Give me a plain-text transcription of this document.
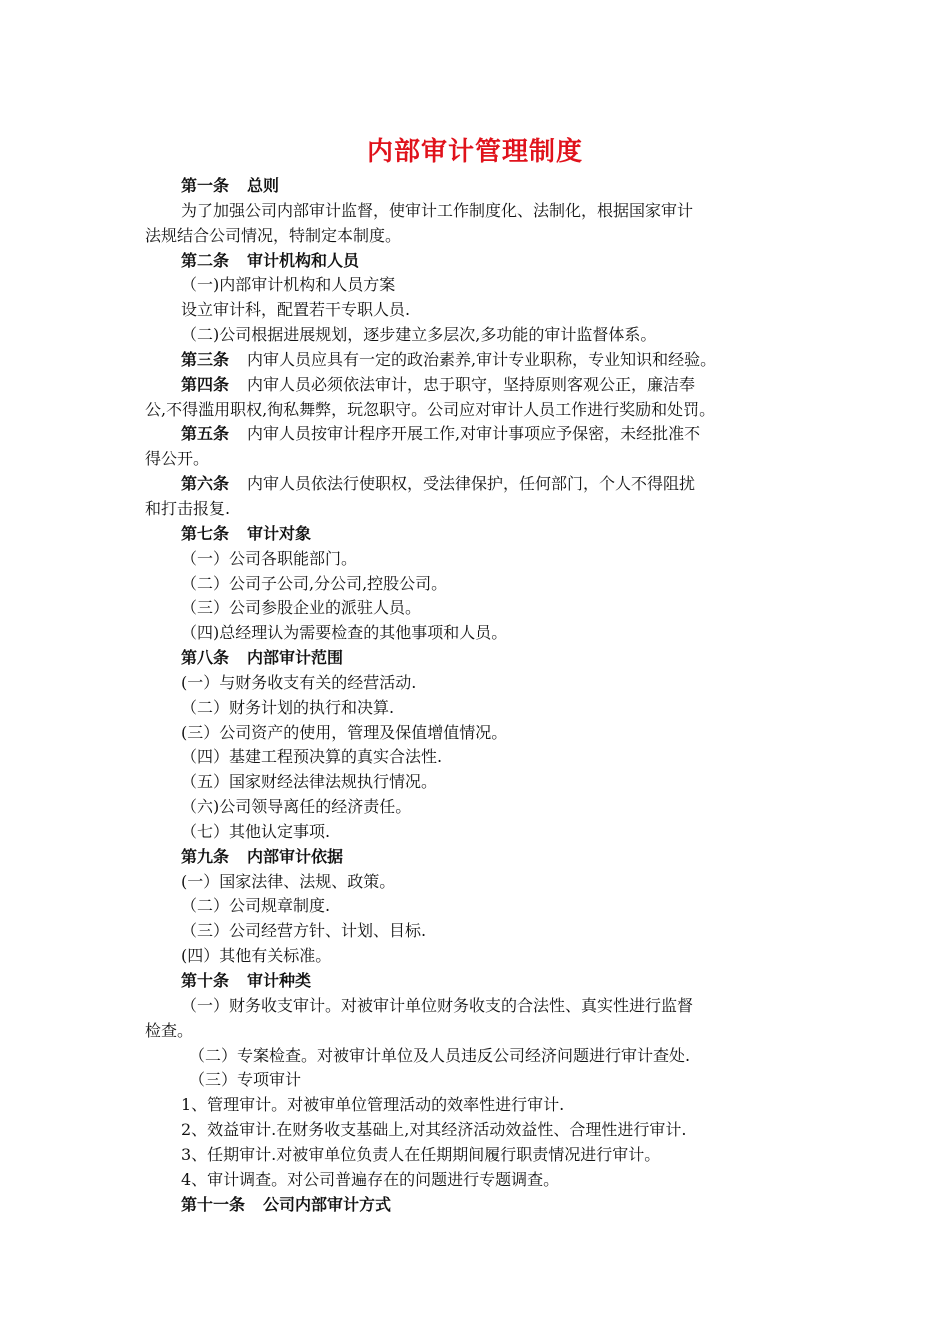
内部审计管理制度
第一条 总则
为了加强公司内部审计监督，使审计工作制度化、法制化，根据国家审计
法规结合公司情况，特制定本制度。
第二条 审计机构和人员
（一)内部审计机构和人员方案
设立审计科，配置若干专职人员.
（二)公司根据进展规划，逐步建立多层次,多功能的审计监督体系。
第三条 内审人员应具有一定的政治素养,审计专业职称，专业知识和经验。
第四条 内审人员必须依法审计，忠于职守，坚持原则客观公正，廉洁奉
公,不得滥用职权,徇私舞弊，玩忽职守。公司应对审计人员工作进行奖励和处罚。
第五条 内审人员按审计程序开展工作,对审计事项应予保密，未经批准不
得公开。
第六条 内审人员依法行使职权，受法律保护，任何部门，个人不得阻扰
和打击报复.
第七条 审计对象
（一）公司各职能部门。
（二）公司子公司,分公司,控股公司。
（三）公司参股企业的派驻人员。
（四)总经理认为需要检查的其他事项和人员。
第八条 内部审计范围
(一）与财务收支有关的经营活动.
（二）财务计划的执行和决算.
(三）公司资产的使用，管理及保值增值情况。
（四）基建工程预决算的真实合法性.
（五）国家财经法律法规执行情况。
（六)公司领导离任的经济责任。
（七）其他认定事项.
第九条 内部审计依据
(一）国家法律、法规、政策。
（二）公司规章制度.
（三）公司经营方针、计划、目标.
(四）其他有关标准。
第十条 审计种类
（一）财务收支审计。对被审计单位财务收支的合法性、真实性进行监督
检查。
（二）专案检查。对被审计单位及人员违反公司经济问题进行审计查处.
（三）专项审计
1、管理审计。对被审单位管理活动的效率性进行审计.
2、效益审计.在财务收支基础上,对其经济活动效益性、合理性进行审计.
3、任期审计.对被审单位负责人在任期期间履行职责情况进行审计。
4、审计调查。对公司普遍存在的问题进行专题调查。
第十一条 公司内部审计方式
